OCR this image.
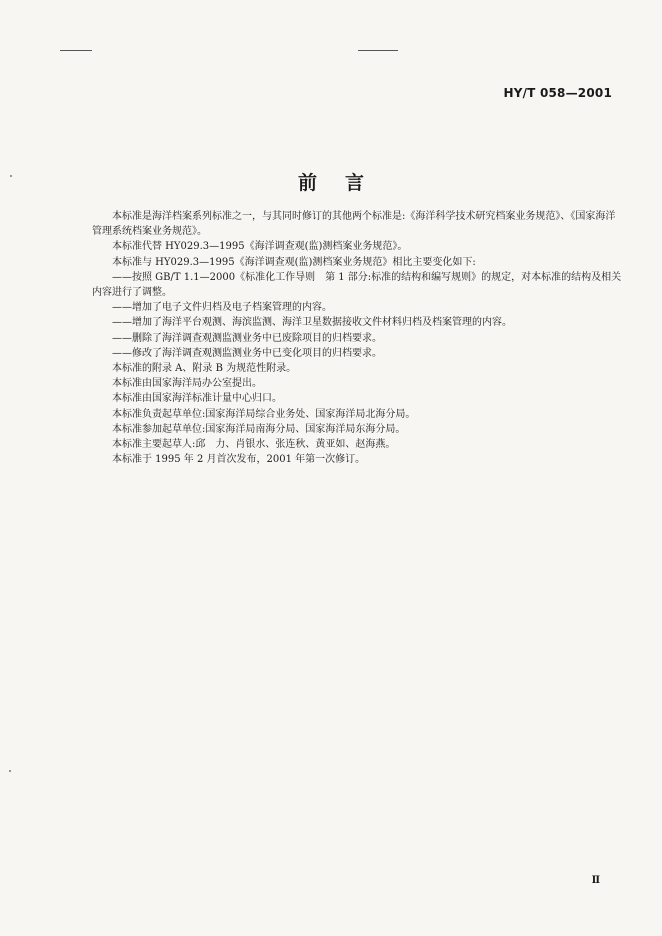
HY/T 058—2001
前 言

本标准是海洋档案系列标准之一，与其同时修订的其他两个标准是:《海洋科学技术研究档案业务规范》、《国家海洋管理系统档案业务规范》。

本标准代替 HY029.3—1995《海洋调查观(监)测档案业务规范》。

本标准与 HY029.3—1995《海洋调查观(监)测档案业务规范》相比主要变化如下:

——按照 GB/T 1.1—2000《标准化工作导则　第 1 部分:标准的结构和编写规则》的规定，对本标准的结构及相关内容进行了调整。

——增加了电子文件归档及电子档案管理的内容。

——增加了海洋平台观测、海滨监测、海洋卫星数据接收文件材料归档及档案管理的内容。

——删除了海洋调查观测监测业务中已废除项目的归档要求。

——修改了海洋调查观测监测业务中已变化项目的归档要求。

本标准的附录 A、附录 B 为规范性附录。

本标准由国家海洋局办公室提出。

本标准由国家海洋标准计量中心归口。

本标准负责起草单位:国家海洋局综合业务处、国家海洋局北海分局。

本标准参加起草单位:国家海洋局南海分局、国家海洋局东海分局。

本标准主要起草人:邱　力、肖银水、张连秋、黄亚如、赵海燕。

本标准于 1995 年 2 月首次发布，2001 年第一次修订。

Ⅱ
